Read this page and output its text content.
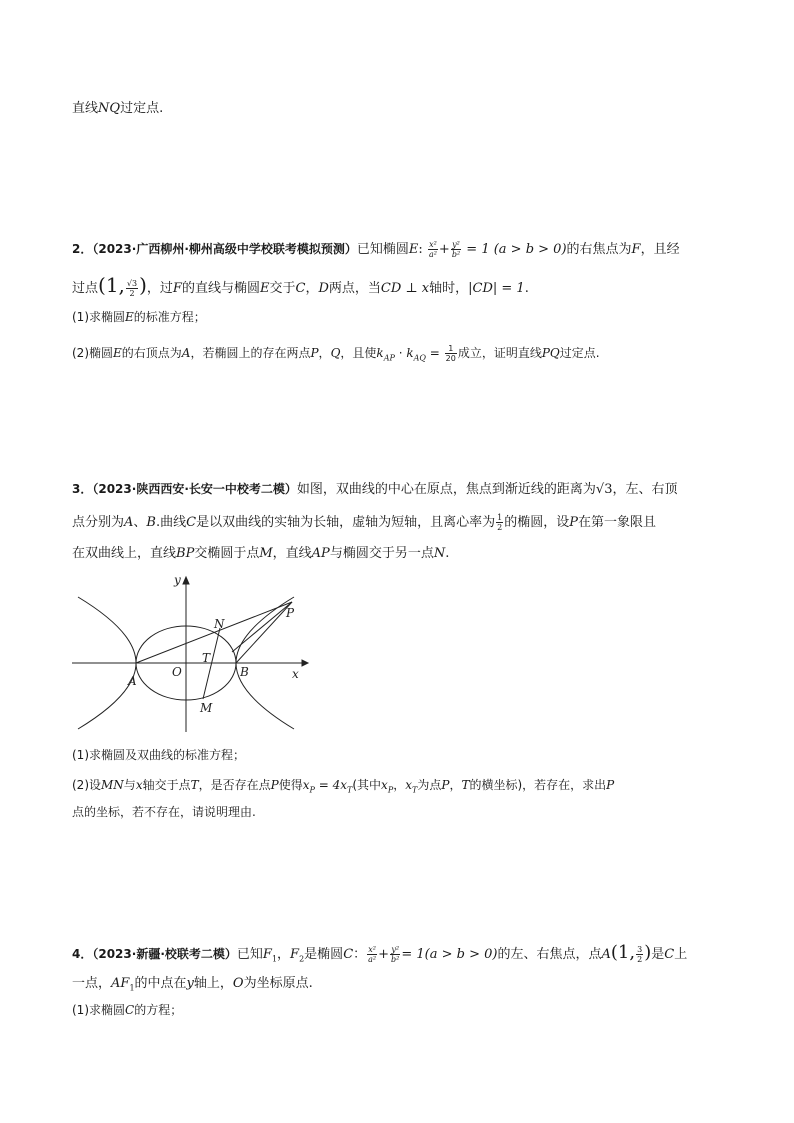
直线NQ过定点.
2．（2023·广西柳州·柳州高级中学校联考模拟预测）已知椭圆E: $\frac{\text{x²}}{\text{a²}} + \frac{\text{y²}}{\text{b²}} = 1$ (a > b > 0)的右焦点为F，且经
过点(1, $\frac{√3}{2}$ )，过F的直线与椭圆E交于C，D两点，当CD ⊥ x轴时，|CD| = 1.
(1)求椭圆E的标准方程；
(2)椭圆E的右顶点为A，若椭圆上的存在两点P，Q，且使$k_{AP} \cdot k_{AQ} = \frac{1}{20}$ 成立，证明直线PQ过定点.
3．（2023·陕西西安·长安一中校考二模）如图，双曲线的中心在原点，焦点到渐近线的距离为√3，左、右顶
点分别为A、B.曲线C是以双曲线的实轴为长轴，虚轴为短轴，且离心率为 $\frac{1}{2}$ 的椭圆，设P在第一象限且
在双曲线上，直线BP交椭圆于点M，直线AP与椭圆交于另一点N.
y
x
O
A
B
N
T
M
P
(1)求椭圆及双曲线的标准方程；
(2)设MN与x轴交于点T，是否存在点P使得$x_P = 4x_T$(其中$x_P$，$x_T$为点P，T的横坐标)，若存在，求出P
点的坐标，若不存在，请说明理由.
4．（2023·新疆·校联考二模）已知$F_1$，$F_2$是椭圆C： $\frac{\text{x²}}{\text{a²}} + \frac{\text{y²}}{\text{b²}} = 1(a > b > 0)$的左、右焦点，点A(1, $\frac{3}{2}$ )是C上
一点，$AF_1$的中点在y轴上，O为坐标原点.
(1)求椭圆C的方程；
